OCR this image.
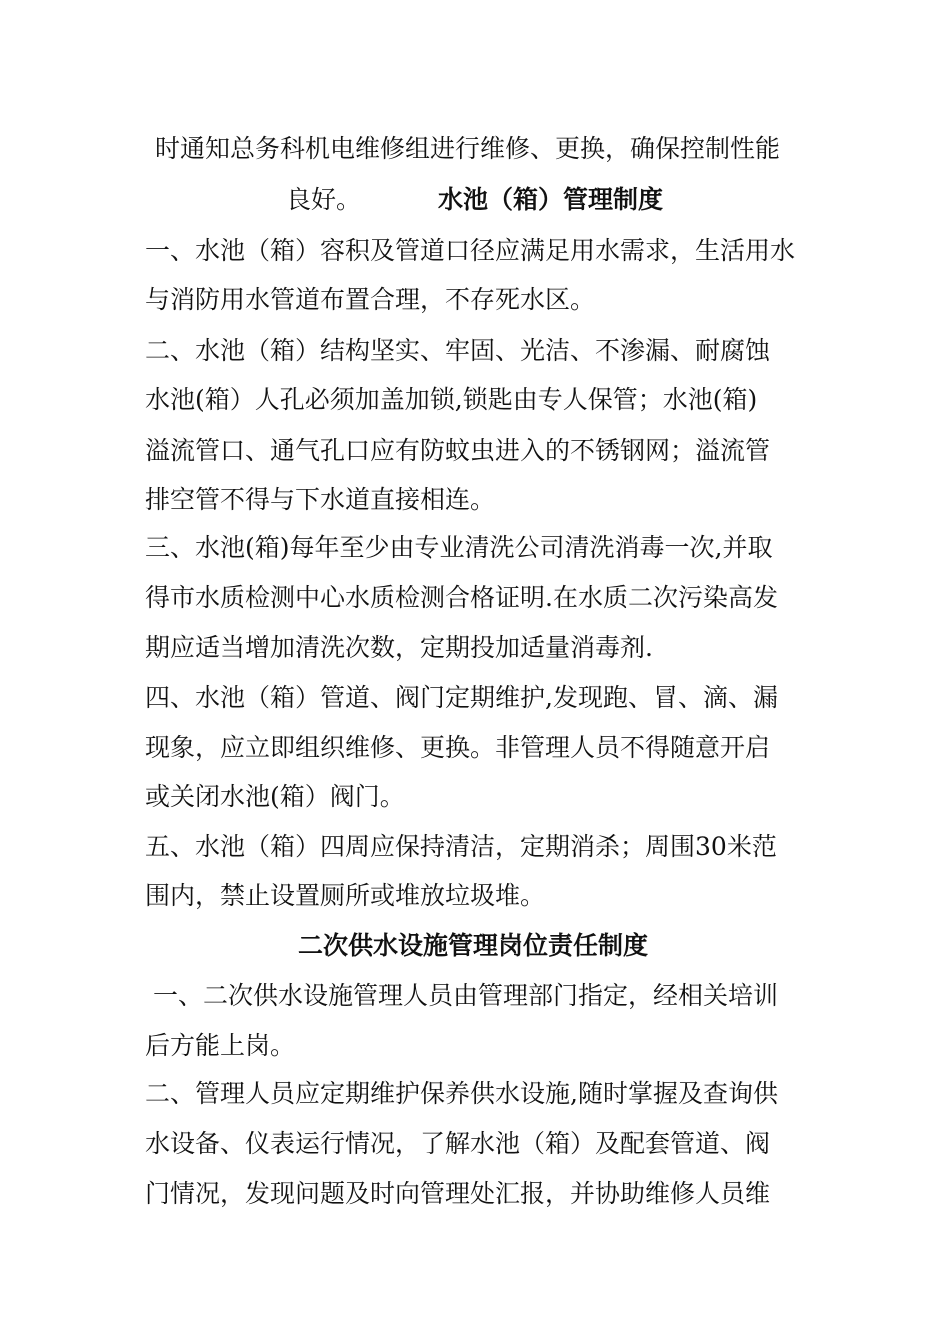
时通知总务科机电维修组进行维修、更换，确保控制性能
良好。	水池（箱）管理制度
一、水池（箱）容积及管道口径应满足用水需求，生活用水
与消防用水管道布置合理，不存死水区。
二、水池（箱）结构坚实、牢固、光洁、不渗漏、耐腐蚀
水池(箱）人孔必须加盖加锁,锁匙由专人保管；水池(箱)
溢流管口、通气孔口应有防蚊虫进入的不锈钢网；溢流管
排空管不得与下水道直接相连。
三、水池(箱)每年至少由专业清洗公司清洗消毒一次,并取
得市水质检测中心水质检测合格证明.在水质二次污染高发
期应适当增加清洗次数，定期投加适量消毒剂.
四、水池（箱）管道、阀门定期维护,发现跑、冒、滴、漏
现象，应立即组织维修、更换。非管理人员不得随意开启
或关闭水池(箱）阀门。
五、水池（箱）四周应保持清洁，定期消杀；周围30米范
围内，禁止设置厕所或堆放垃圾堆。
二次供水设施管理岗位责任制度
一、二次供水设施管理人员由管理部门指定，经相关培训
后方能上岗。
二、管理人员应定期维护保养供水设施,随时掌握及查询供
水设备、仪表运行情况，了解水池（箱）及配套管道、阀
门情况，发现问题及时向管理处汇报，并协助维修人员维
